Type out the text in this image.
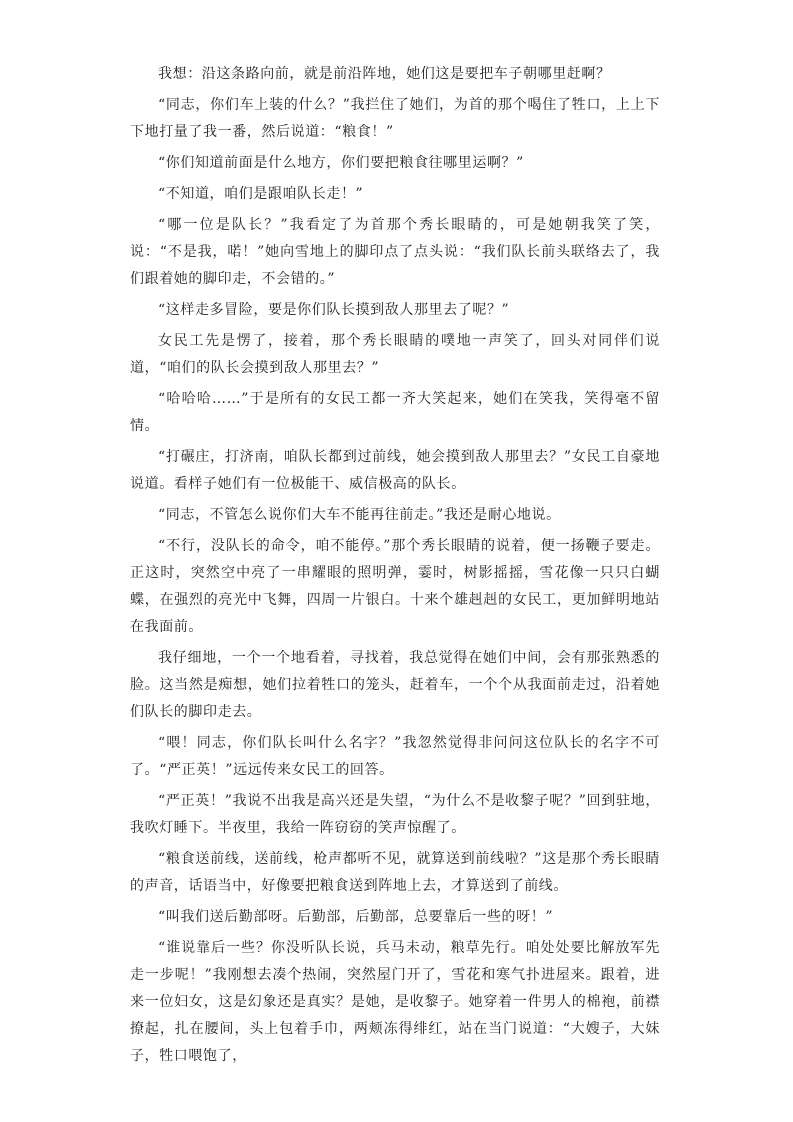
我想：沿这条路向前，就是前沿阵地，她们这是要把车子朝哪里赶啊？

“同志，你们车上装的什么？”我拦住了她们，为首的那个喝住了牲口，上上下下地打量了我一番，然后说道：“粮食！”

“你们知道前面是什么地方，你们要把粮食往哪里运啊？”

“不知道，咱们是跟咱队长走！”

“哪一位是队长？”我看定了为首那个秀长眼睛的，可是她朝我笑了笑，说：“不是我，喏！”她向雪地上的脚印点了点头说：“我们队长前头联络去了，我们跟着她的脚印走，不会错的。”

“这样走多冒险，要是你们队长摸到敌人那里去了呢？”

女民工先是愣了，接着，那个秀长眼睛的噗地一声笑了，回头对同伴们说道，“咱们的队长会摸到敌人那里去？”

“哈哈哈……”于是所有的女民工都一齐大笑起来，她们在笑我，笑得毫不留情。

“打碾庄，打济南，咱队长都到过前线，她会摸到敌人那里去？”女民工自豪地说道。看样子她们有一位极能干、威信极高的队长。

“同志，不管怎么说你们大车不能再往前走。”我还是耐心地说。

“不行，没队长的命令，咱不能停。”那个秀长眼睛的说着，便一扬鞭子要走。正这时，突然空中亮了一串耀眼的照明弹，霎时，树影摇摇，雪花像一只只白蝴蝶，在强烈的亮光中飞舞，四周一片银白。十来个雄赳赳的女民工，更加鲜明地站在我面前。

我仔细地，一个一个地看着，寻找着，我总觉得在她们中间，会有那张熟悉的脸。这当然是痴想，她们拉着牲口的笼头，赶着车，一个个从我面前走过，沿着她们队长的脚印走去。

“喂！同志，你们队长叫什么名字？”我忽然觉得非问问这位队长的名字不可了。“严正英！”远远传来女民工的回答。

“严正英！”我说不出我是高兴还是失望，“为什么不是收黎子呢？”回到驻地，我吹灯睡下。半夜里，我给一阵窃窃的笑声惊醒了。

“粮食送前线，送前线，枪声都听不见，就算送到前线啦？”这是那个秀长眼睛的声音，话语当中，好像要把粮食送到阵地上去，才算送到了前线。

“叫我们送后勤部呀。后勤部，后勤部，总要靠后一些的呀！”

“谁说靠后一些？你没听队长说，兵马未动，粮草先行。咱处处要比解放军先走一步呢！”我刚想去凑个热闹，突然屋门开了，雪花和寒气扑进屋来。跟着，进来一位妇女，这是幻象还是真实？是她，是收黎子。她穿着一件男人的棉袍，前襟撩起，扎在腰间，头上包着手巾，两颊冻得绯红，站在当门说道：“大嫂子，大妹子，牲口喂饱了，
